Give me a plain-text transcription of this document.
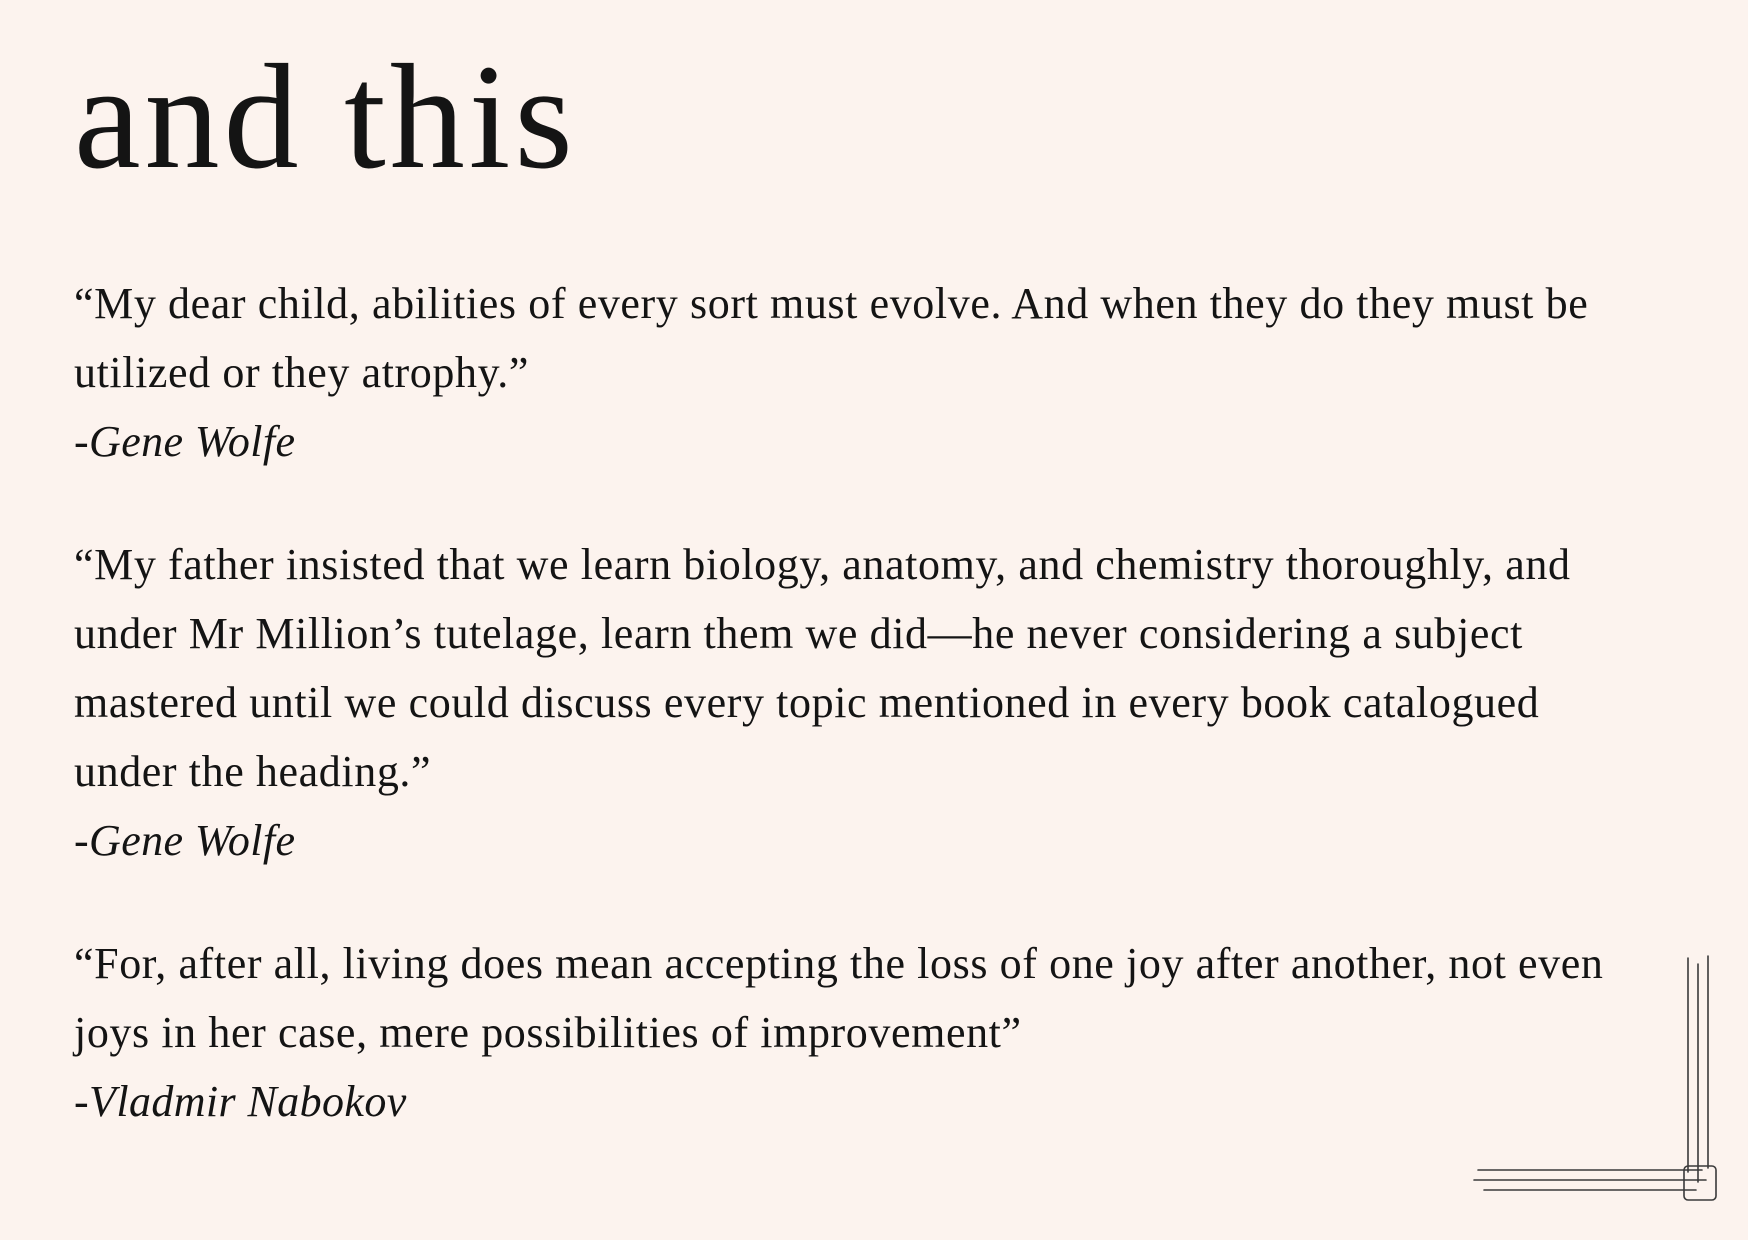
and this

“My dear child, abilities of every sort must evolve. And when they do they must be utilized or they atrophy.”

-Gene Wolfe

“My father insisted that we learn biology, anatomy, and chemistry thoroughly, and under Mr Million’s tutelage, learn them we did—he never considering a subject mastered until we could discuss every topic mentioned in every book catalogued under the heading.”

-Gene Wolfe

“For, after all, living does mean accepting the loss of one joy after another, not even joys in her case, mere possibilities of improvement”

-Vladmir Nabokov
